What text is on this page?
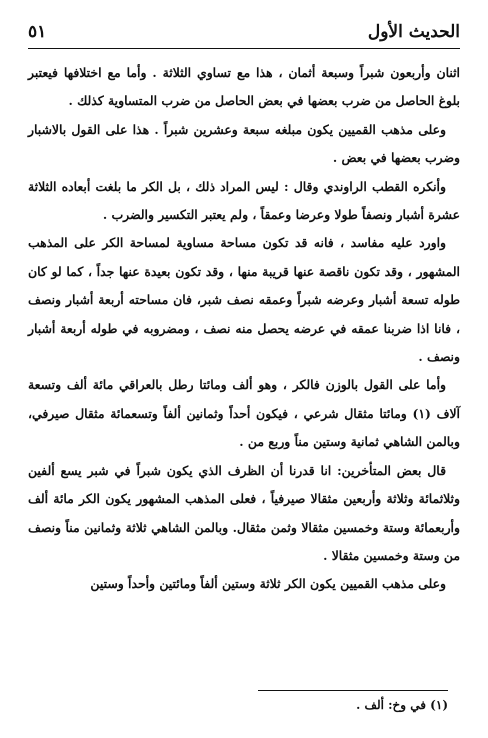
الحديث الأول
٥١

اثنان وأربعون شبراً وسبعة أثمان ، هذا مع تساوي الثلاثة . وأما مع اختلافها فيعتبر بلوغ الحاصل من ضرب بعضها في بعض الحاصل من ضرب المتساوية كذلك .

وعلى مذهب القميين يكون مبلغه سبعة وعشرين شبراً . هذا على القول بالاشبار وضرب بعضها في بعض .

وأنكره القطب الراوندي وقال : ليس المراد ذلك ، بل الكر ما بلغت أبعاده الثلاثة عشرة أشبار ونصفاً طولا وعرضا وعمقاً ، ولم يعتبر التكسير والضرب .

واورد عليه مفاسد ، فانه قد تكون مساحة مساوية لمساحة الكر على المذهب المشهور ، وقد تكون ناقصة عنها قريبة منها ، وقد تكون بعيدة عنها جداً ، كما لو كان طوله تسعة أشبار وعرضه شبراً وعمقه نصف شبر، فان مساحته أربعة أشبار ونصف ، فانا اذا ضربنا عمقه في عرضه يحصل منه نصف ، ومضروبه في طوله أربعة أشبار ونصف .

وأما على القول بالوزن فالكر ، وهو ألف ومائتا رطل بالعراقي مائة ألف وتسعة آلاف (١) ومائتا مثقال شرعي ، فيكون أحداً وثمانين ألفاً وتسعمائة مثقال صيرفي، وبالمن الشاهي ثمانية وستين مناً وربع من .

قال بعض المتأخرين: انا قدرنا أن الظرف الذي يكون شبراً في شبر يسع ألفين وثلاثمائة وثلاثة وأربعين مثقالا صيرفياً ، فعلى المذهب المشهور يكون الكر مائة ألف وأربعمائة وستة وخمسين مثقالا وثمن مثقال. وبالمن الشاهي ثلاثة وثمانين مناً ونصف من وستة وخمسين مثقالا .

وعلى مذهب القميين يكون الكر ثلاثة وستين ألفاً ومائتين وأحداً وستين

(١) في وخ: ألف .
